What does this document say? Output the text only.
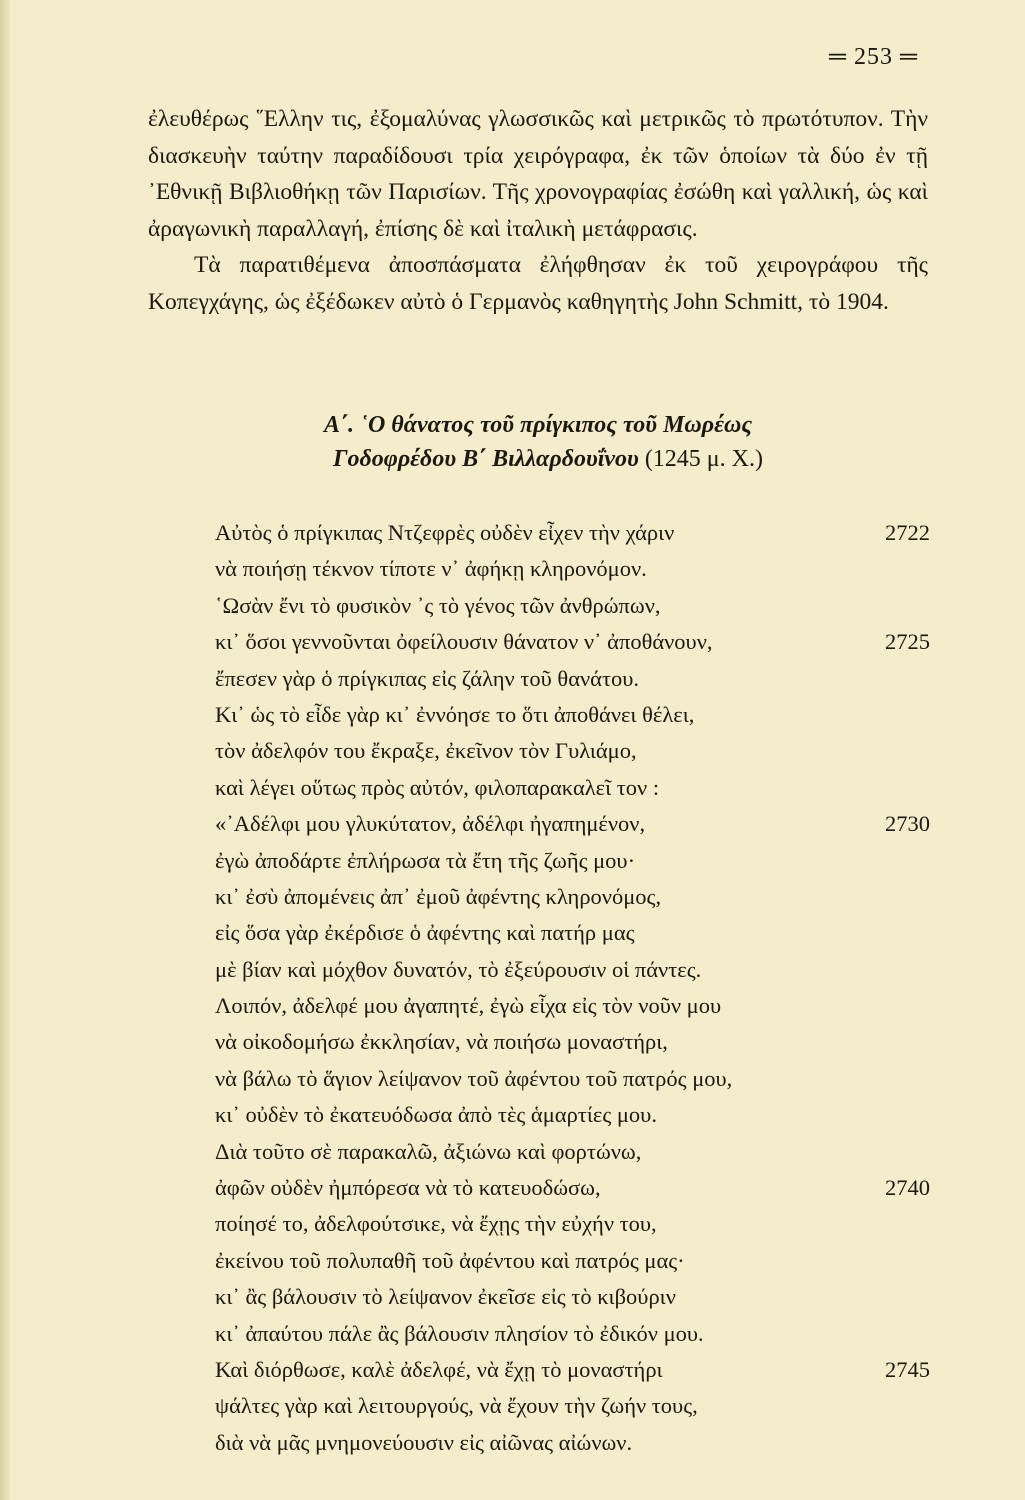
═ 253 ═

ἐλευθέρως ῞Ελλην τις, ἐξομαλύνας γλωσσικῶς καὶ μετρικῶς τὸ πρωτότυπον. Τὴν διασκευὴν ταύτην παραδίδουσι τρία χειρόγραφα, ἐκ τῶν ὁποίων τὰ δύο ἐν τῇ ᾿Εθνικῇ Βιβλιοθήκῃ τῶν Παρισίων. Τῆς χρονογραφίας ἐσώθη καὶ γαλλική, ὡς καὶ ἀραγωνικὴ παραλλαγή, ἐπίσης δὲ καὶ ἰταλικὴ μετάφρασις.

Τὰ παρατιθέμενα ἀποσπάσματα ἐλήφθησαν ἐκ τοῦ χειρογράφου τῆς Κοπεγχάγης, ὡς ἐξέδωκεν αὐτὸ ὁ Γερμανὸς καθηγητὴς John Schmitt, τὸ 1904.

Α΄. ῾Ο θάνατος τοῦ πρίγκιπος τοῦ Μωρέως
Γοδοφρέδου Β΄ Βιλλαρδουΐνου (1245 μ. Χ.)
Αὐτὸς ὁ πρίγκιπας Ντζεφρὲς οὐδὲν εἶχεν τὴν χάριν	2722
νὰ ποιήσῃ τέκνον τίποτε ν᾿ ἀφήκῃ κληρονόμον.
῾Ωσὰν ἔνι τὸ φυσικὸν ᾿ς τὸ γένος τῶν ἀνθρώπων,
κι᾿ ὅσοι γεννοῦνται ὀφείλουσιν θάνατον ν᾿ ἀποθάνουν,	2725
ἔπεσεν γὰρ ὁ πρίγκιπας εἰς ζάλην τοῦ θανάτου.
Κι᾿ ὡς τὸ εἶδε γὰρ κι᾿ ἐννόησε το ὅτι ἀποθάνει θέλει,
τὸν ἀδελφόν του ἔκραξε, ἐκεῖνον τὸν Γυλιάμο,
καὶ λέγει οὕτως πρὸς αὐτόν, φιλοπαρακαλεῖ τον :
«᾿Αδέλφι μου γλυκύτατον, ἀδέλφι ἠγαπημένον,	2730
ἐγὼ ἀποδάρτε ἐπλήρωσα τὰ ἔτη τῆς ζωῆς μου·
κι᾿ ἐσὺ ἀπομένεις ἀπ᾿ ἐμοῦ ἀφέντης κληρονόμος,
εἰς ὅσα γὰρ ἐκέρδισε ὁ ἀφέντης καὶ πατήρ μας
μὲ βίαν καὶ μόχθον δυνατόν, τὸ ἐξεύρουσιν οἱ πάντες.
Λοιπόν, ἀδελφέ μου ἀγαπητέ, ἐγὼ εἶχα εἰς τὸν νοῦν μου
νὰ οἰκοδομήσω ἐκκλησίαν, νὰ ποιήσω μοναστήρι,
νὰ βάλω τὸ ἅγιον λείψανον τοῦ ἀφέντου τοῦ πατρός μου,
κι᾿ οὐδὲν τὸ ἐκατευόδωσα ἀπὸ τὲς ἁμαρτίες μου.
Διὰ τοῦτο σὲ παρακαλῶ, ἀξιώνω καὶ φορτώνω,
ἀφῶν οὐδὲν ἠμπόρεσα νὰ τὸ κατευοδώσω,	2740
ποίησέ το, ἀδελφούτσικε, νὰ ἔχῃς τὴν εὐχήν του,
ἐκείνου τοῦ πολυπαθῆ τοῦ ἀφέντου καὶ πατρός μας·
κι᾿ ἂς βάλουσιν τὸ λείψανον ἐκεῖσε εἰς τὸ κιβούριν
κι᾿ ἀπαύτου πάλε ἂς βάλουσιν πλησίον τὸ ἐδικόν μου.
Καὶ διόρθωσε, καλὲ ἀδελφέ, νὰ ἔχῃ τὸ μοναστήρι	2745
ψάλτες γὰρ καὶ λειτουργούς, νὰ ἔχουν τὴν ζωήν τους,
διὰ νὰ μᾶς μνημονεύουσιν εἰς αἰῶνας αἰώνων.
